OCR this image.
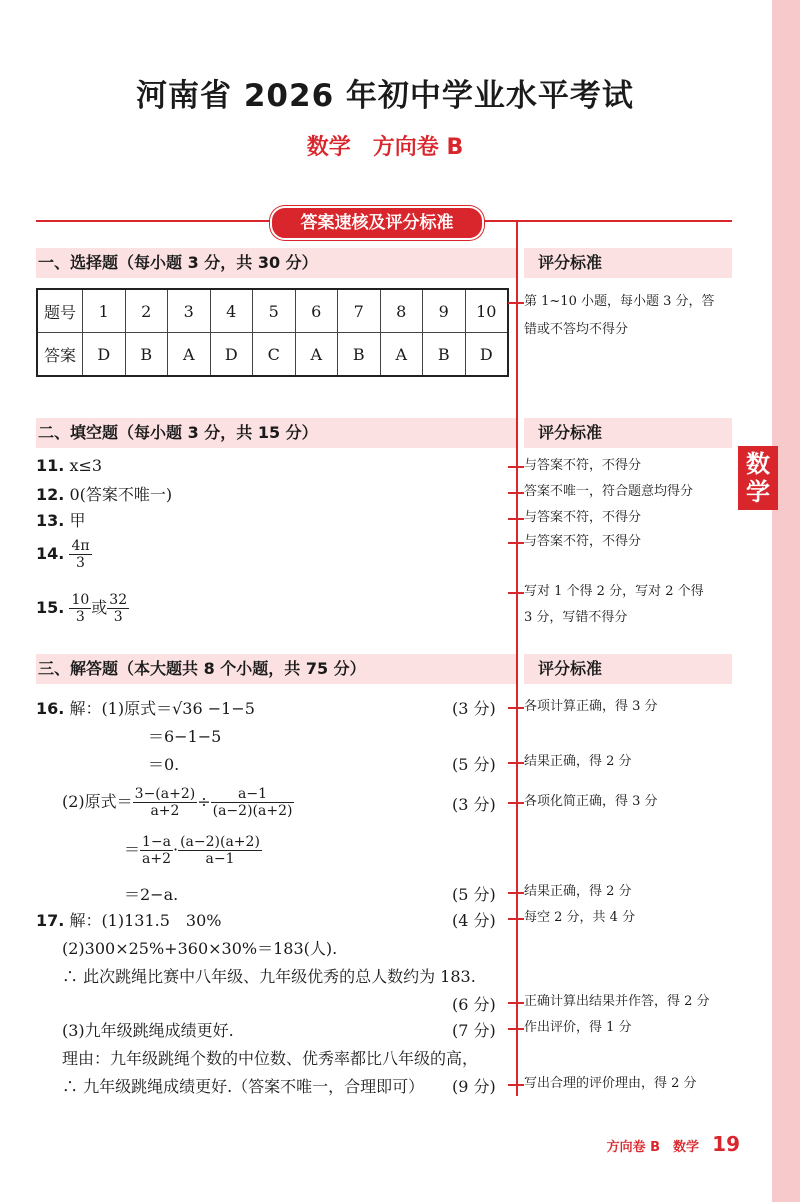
数学
河南省 2026 年初中学业水平考试
数学　方向卷 B
答案速核及评分标准
一、选择题（每小题 3 分，共 30 分）	评分标准
题号	1	2	3	4	5	6	7	8	9	10
答案	D	B	A	D	C	A	B	A	B	D
第 1~10 小题，每小题 3 分，答
错或不答均不得分
二、填空题（每小题 3 分，共 15 分）	评分标准
11. x≤3	与答案不符，不得分
12. 0(答案不唯一)	答案不唯一，符合题意均得分
13. 甲	与答案不符，不得分
14. $\frac{4\pi}{3}$	与答案不符，不得分
15. $\frac{10}{3}$ 或 $\frac{32}{3}$
写对 1 个得 2 分，写对 2 个得
3 分，写错不得分
三、解答题（本大题共 8 个小题，共 75 分）	评分标准
16. 解：(1)原式＝√36 −1−5	(3 分) 各项计算正确，得 3 分
＝6−1−5
＝0.	(5 分) 结果正确，得 2 分
(2)原式＝ $\frac{3-(a+2)}{a+2} \div \frac{a-1}{(a-2)(a+2)}$	(3 分) 各项化简正确，得 3 分
＝ $\frac{1-a}{a+2} \cdot \frac{(a-2)(a+2)}{a-1}$
＝2−a.	(5 分) 结果正确，得 2 分
17. 解：(1)131.5　30%	(4 分) 每空 2 分，共 4 分
(2)300×25%+360×30%＝183(人).
∴ 此次跳绳比赛中八年级、九年级优秀的总人数约为 183.
(6 分) 正确计算出结果并作答，得 2 分
(3)九年级跳绳成绩更好.	(7 分) 作出评价，得 1 分
理由：九年级跳绳个数的中位数、优秀率都比八年级的高，
∴ 九年级跳绳成绩更好.（答案不唯一，合理即可） (9 分) 写出合理的评价理由，得 2 分
方向卷 B　数学 19
